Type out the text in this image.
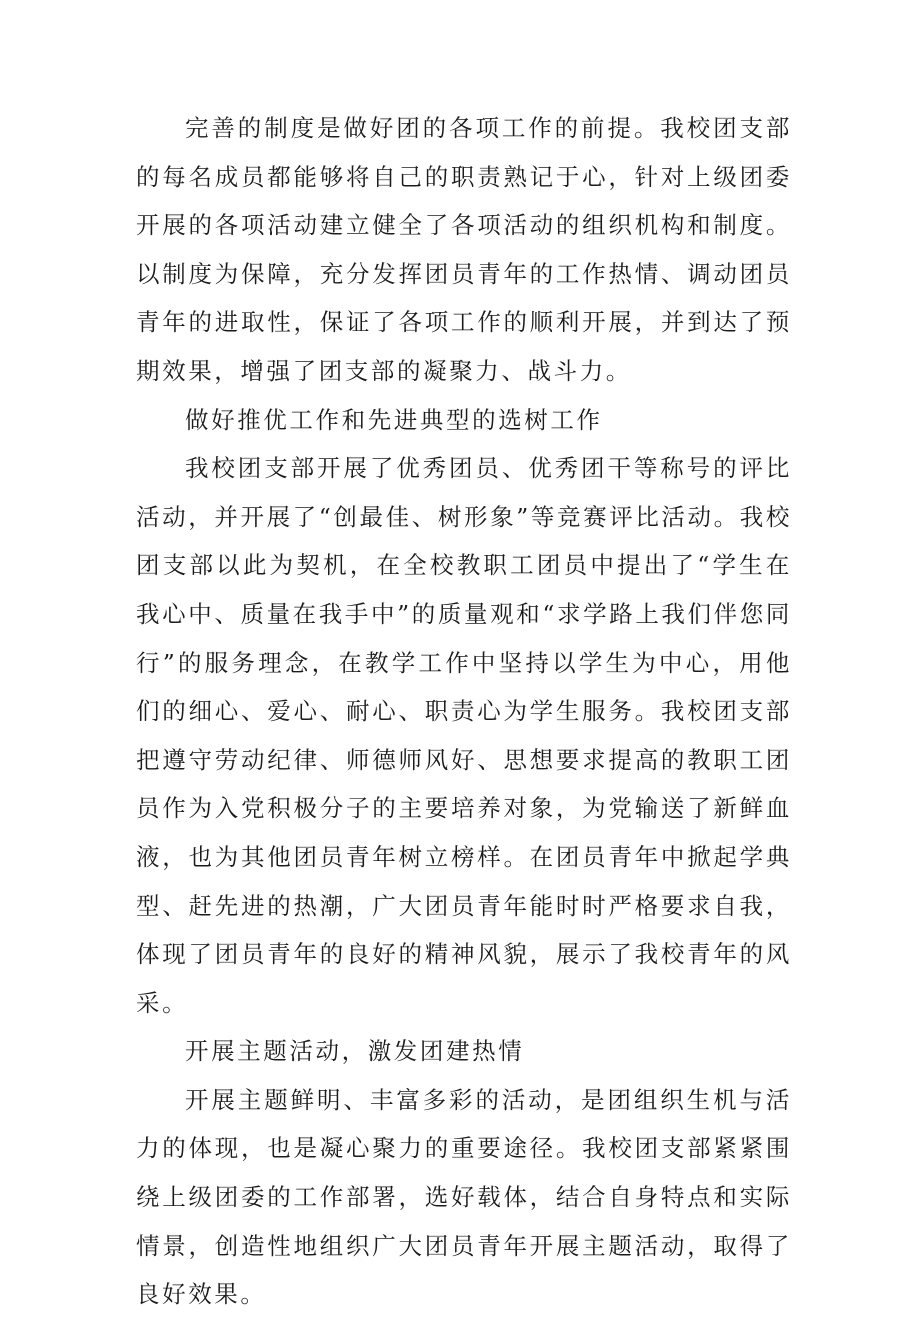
完善的制度是做好团的各项工作的前提。我校团支部的每名成员都能够将自己的职责熟记于心，针对上级团委开展的各项活动建立健全了各项活动的组织机构和制度。以制度为保障，充分发挥团员青年的工作热情、调动团员青年的进取性，保证了各项工作的顺利开展，并到达了预期效果，增强了团支部的凝聚力、战斗力。

做好推优工作和先进典型的选树工作

我校团支部开展了优秀团员、优秀团干等称号的评比活动，并开展了“创最佳、树形象”等竞赛评比活动。我校团支部以此为契机，在全校教职工团员中提出了“学生在我心中、质量在我手中”的质量观和“求学路上我们伴您同行”的服务理念，在教学工作中坚持以学生为中心，用他们的细心、爱心、耐心、职责心为学生服务。我校团支部把遵守劳动纪律、师德师风好、思想要求提高的教职工团员作为入党积极分子的主要培养对象，为党输送了新鲜血液，也为其他团员青年树立榜样。在团员青年中掀起学典型、赶先进的热潮，广大团员青年能时时严格要求自我，体现了团员青年的良好的精神风貌，展示了我校青年的风采。

开展主题活动，激发团建热情

开展主题鲜明、丰富多彩的活动，是团组织生机与活力的体现，也是凝心聚力的重要途径。我校团支部紧紧围绕上级团委的工作部署，选好载体，结合自身特点和实际情景，创造性地组织广大团员青年开展主题活动，取得了良好效果。
